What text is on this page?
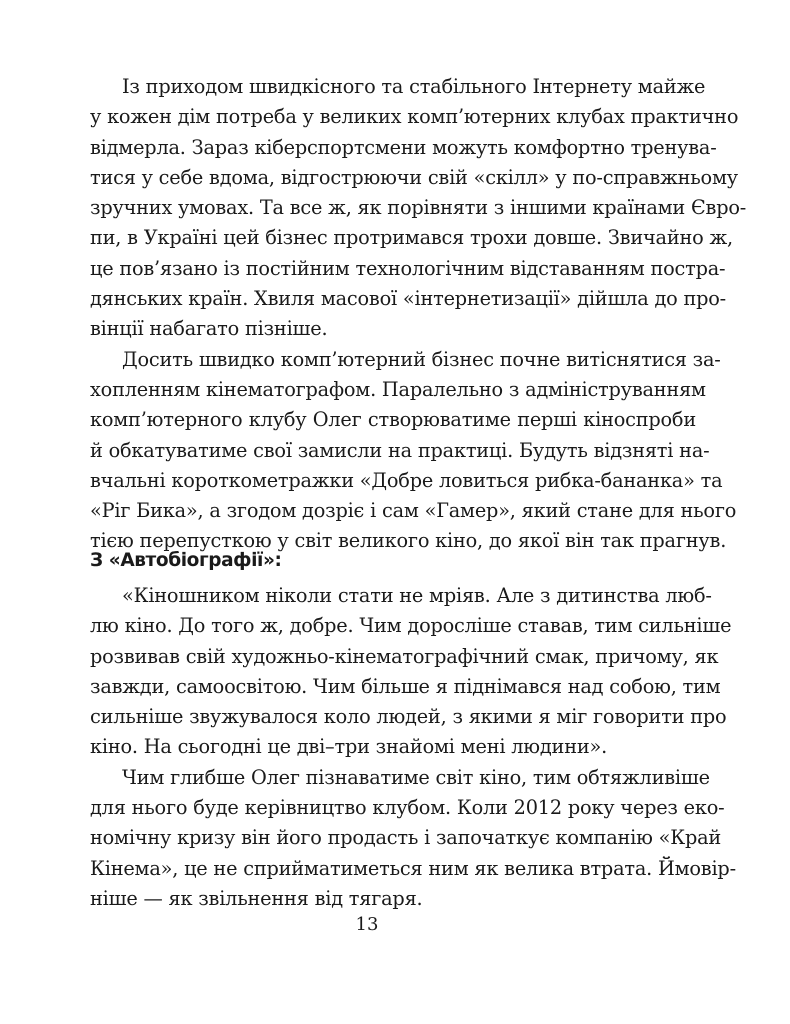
Із приходом швидкісного та стабільного Інтернету майже
у кожен дім потреба у великих комп’ютерних клубах практично
відмерла. Зараз кіберспортсмени можуть комфортно тренува-
тися у себе вдома, відгострюючи свій «скілл» у по-справжньому
зручних умовах. Та все ж, як порівняти з іншими країнами Євро-
пи, в Україні цей бізнес протримався трохи довше. Звичайно ж,
це пов’язано із постійним технологічним відставанням постра-
дянських країн. Хвиля масової «інтернетизації» дійшла до про-
вінції набагато пізніше.

Досить швидко комп’ютерний бізнес почне витіснятися за-
хопленням кінематографом. Паралельно з адмініструванням
комп’ютерного клубу Олег створюватиме перші кіноспроби
й обкатуватиме свої замисли на практиці. Будуть відзняті на-
вчальні короткометражки «Добре ловиться рибка-бананка» та
«Ріг Бика», а згодом дозріє і сам «Гамер», який стане для нього
тією перепусткою у світ великого кіно, до якої він так прагнув.

З «Автобіографії»:

«Кіношником ніколи стати не мріяв. Але з дитинства люб-
лю кіно. До того ж, добре. Чим дорослішe ставав, тим сильніше
розвивав свій художньо-кінематографічний смак, причому, як
завжди, самоосвітою. Чим більше я піднімався над собою, тим
сильніше звужувалося коло людей, з якими я міг говорити про
кіно. На сьогодні це дві–три знайомі мені людини».

Чим глибше Олег пізнаватиме світ кіно, тим обтяжливіше
для нього буде керівництво клубом. Коли 2012 року через еко-
номічну кризу він його продасть і започаткує компанію «Край
Кінема», це не сприйматиметься ним як велика втрата. Ймовір-
ніше — як звільнення від тягаря.

13
